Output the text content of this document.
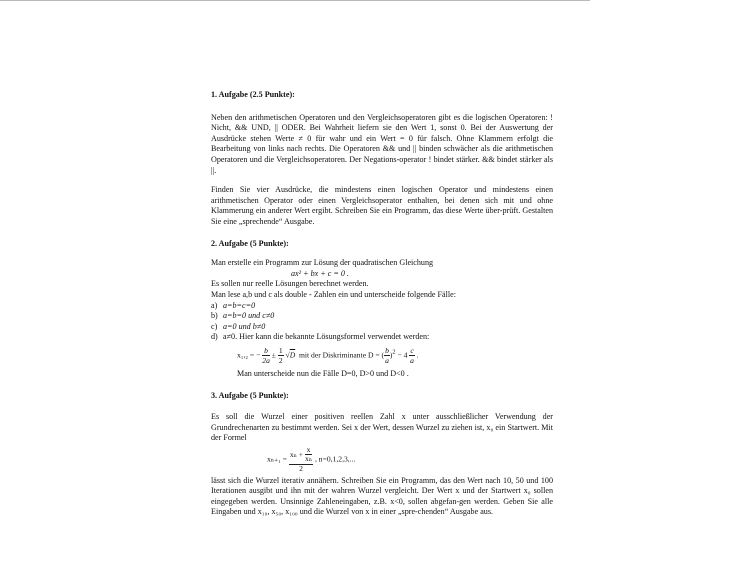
1. Aufgabe (2.5 Punkte):

Neben den arithmetischen Operatoren und den Vergleichsoperatoren gibt es die logischen Operatoren: ! Nicht, && UND, || ODER. Bei Wahrheit liefern sie den Wert 1, sonst 0. Bei der Auswertung der Ausdrücke stehen Werte ≠ 0 für wahr und ein Wert = 0 für falsch. Ohne Klammern erfolgt die Bearbeitung von links nach rechts. Die Operatoren && und || binden schwächer als die arithmetischen Operatoren und die Vergleichsoperatoren. Der Negations-operator ! bindet stärker. && bindet stärker als ||.

Finden Sie vier Ausdrücke, die mindestens einen logischen Operator und mindestens einen arithmetischen Operator oder einen Vergleichsoperator enthalten, bei denen sich mit und ohne Klammerung ein anderer Wert ergibt. Schreiben Sie ein Programm, das diese Werte über-prüft. Gestalten Sie eine „sprechende“ Ausgabe.

2. Aufgabe (5 Punkte):

Man erstelle ein Programm zur Lösung der quadratischen Gleichung

ax² + bx + c = 0 .

Es sollen nur reelle Lösungen berechnet werden.

Man lese a,b und c als double - Zahlen ein und unterscheide folgende Fälle:

a) a=b=c=0
b) a=b=0 und c≠0
c) a=0 und b≠0
d) a≠0. Hier kann die bekannte Lösungsformel verwendet werden:
x₁,₂ = − $\frac{b}{2a} \pm \frac{1}{2} √D$ mit der Diskriminante D = ( $\frac{b}{a} )^2 - 4 \frac{c}{a}$ .

Man unterscheide nun die Fälle D=0, D>0 und D<0 .

3. Aufgabe (5 Punkte):

Es soll die Wurzel einer positiven reellen Zahl x unter ausschließlicher Verwendung der Grundrechenarten zu bestimmt werden. Sei x der Wert, dessen Wurzel zu ziehen ist, x₀ ein Startwert. Mit der Formel

$x_{n+1} = \frac{x_n + \frac{x}{\text{xₙ}}}{2}$ , n=0,1,2,3,...

lässt sich die Wurzel iterativ annähern. Schreiben Sie ein Programm, das den Wert nach 10, 50 und 100 Iterationen ausgibt und ihn mit der wahren Wurzel vergleicht. Der Wert x und der Startwert x₀ sollen eingegeben werden. Unsinnige Zahleneingaben, z.B. x<0, sollen abgefan-gen werden. Geben Sie alle Eingaben und x₁₀, x₅₀, x₁₀₀ und die Wurzel von x in einer „spre-chenden“ Ausgabe aus.
